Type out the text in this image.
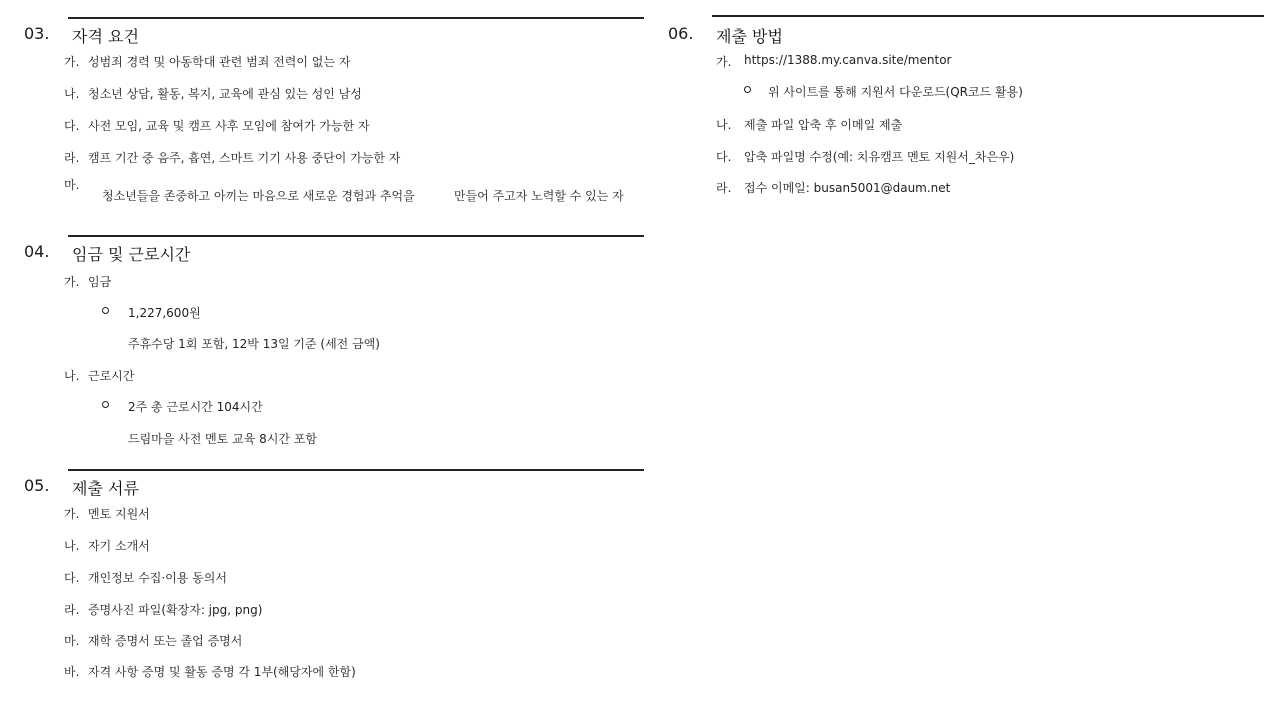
03. 자격 요건
가. 성범죄 경력 및 아동학대 관련 범죄 전력이 없는 자
나. 청소년 상담, 활동, 복지, 교육에 관심 있는 성인 남성
다. 사전 모임, 교육 및 캠프 사후 모임에 참여가 가능한 자
라. 캠프 기간 중 음주, 흡연, 스마트 기기 사용 중단이 가능한 자
마.
청소년들을 존중하고 아끼는 마음으로 새로운 경험과 추억을	만들어 주고자 노력할 수 있는 자
04. 임금 및 근로시간
가. 임금
1,227,600원
주휴수당 1회 포함, 12박 13일 기준 (세전 금액)
나. 근로시간
2주 총 근로시간 104시간
드림마을 사전 멘토 교육 8시간 포함
05. 제출 서류
가. 멘토 지원서
나. 자기 소개서
다. 개인정보 수집·이용 동의서
라. 증명사진 파일(확장자: jpg, png)
마. 재학 증명서 또는 졸업 증명서
바. 자격 사항 증명 및 활동 증명 각 1부(해당자에 한함)
06. 제출 방법
가. https://1388.my.canva.site/mentor
위 사이트를 통해 지원서 다운로드(QR코드 활용)
나. 제출 파일 압축 후 이메일 제출
다. 압축 파일명 수정(예: 치유캠프 멘토 지원서_차은우)
라. 접수 이메일: busan5001@daum.net
